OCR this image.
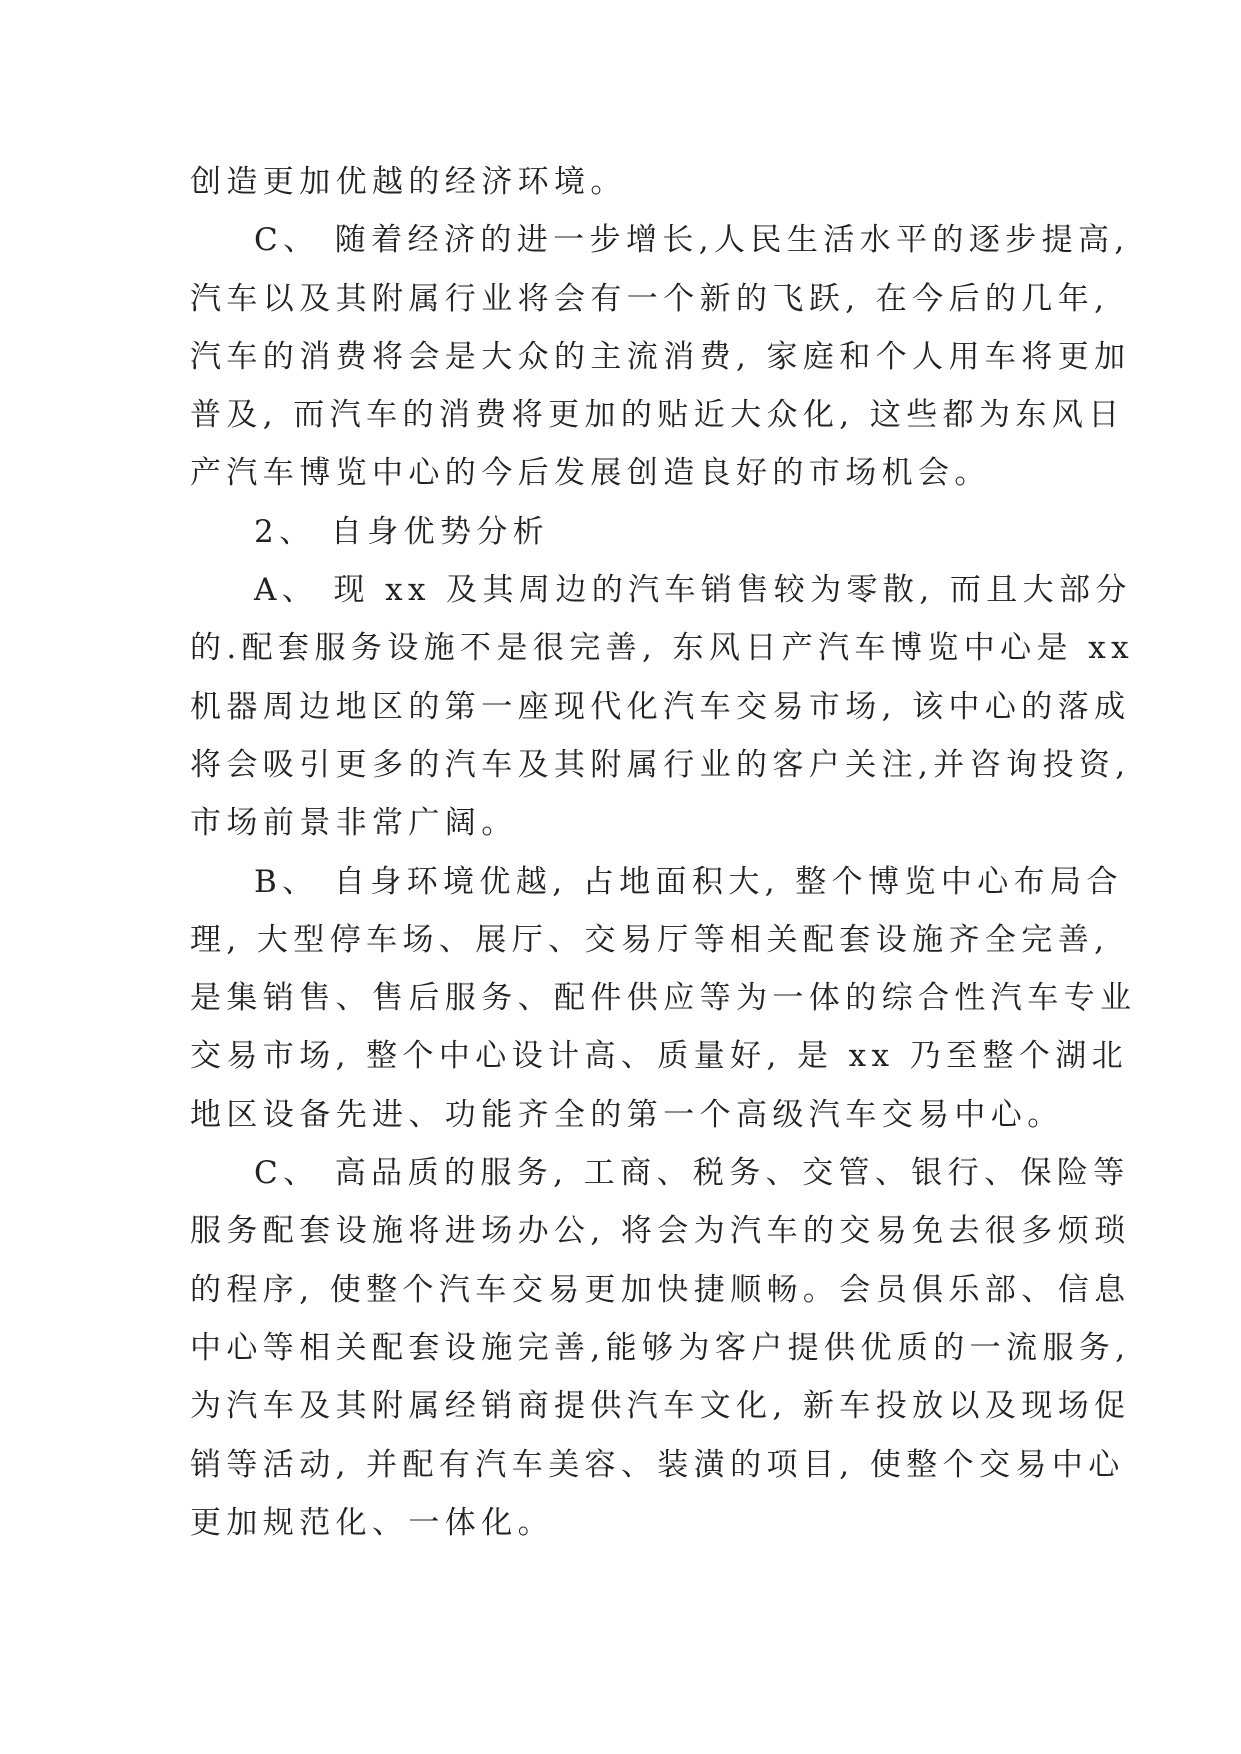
创造更加优越的经济环境。
C、 随着经济的进一步增长,人民生活水平的逐步提高,
汽车以及其附属行业将会有一个新的飞跃, 在今后的几年,
汽车的消费将会是大众的主流消费, 家庭和个人用车将更加
普及, 而汽车的消费将更加的贴近大众化, 这些都为东风日
产汽车博览中心的今后发展创造良好的市场机会。
2、 自身优势分析
A、 现 xx 及其周边的汽车销售较为零散, 而且大部分
的.配套服务设施不是很完善, 东风日产汽车博览中心是 xx
机器周边地区的第一座现代化汽车交易市场, 该中心的落成
将会吸引更多的汽车及其附属行业的客户关注,并咨询投资,
市场前景非常广阔。
B、 自身环境优越, 占地面积大, 整个博览中心布局合
理, 大型停车场、展厅、交易厅等相关配套设施齐全完善,
是集销售、售后服务、配件供应等为一体的综合性汽车专业
交易市场, 整个中心设计高、质量好, 是 xx 乃至整个湖北
地区设备先进、功能齐全的第一个高级汽车交易中心。
C、 高品质的服务, 工商、税务、交管、银行、保险等
服务配套设施将进场办公, 将会为汽车的交易免去很多烦琐
的程序, 使整个汽车交易更加快捷顺畅。会员俱乐部、信息
中心等相关配套设施完善,能够为客户提供优质的一流服务,
为汽车及其附属经销商提供汽车文化, 新车投放以及现场促
销等活动, 并配有汽车美容、装潢的项目, 使整个交易中心
更加规范化、一体化。
